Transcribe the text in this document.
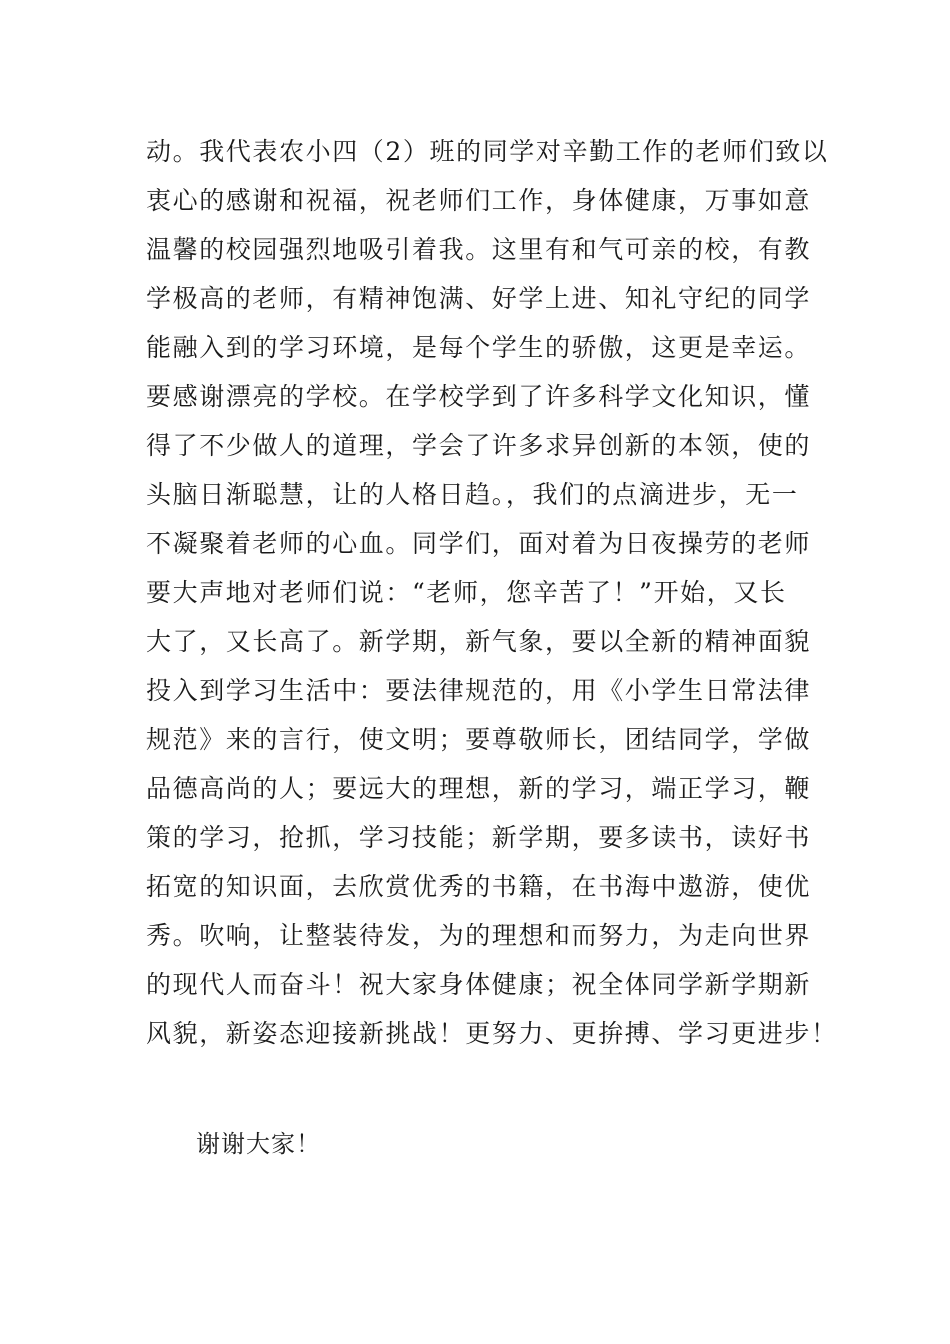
动。我代表农小四（2）班的同学对辛勤工作的老师们致以
衷心的感谢和祝福，祝老师们工作，身体健康，万事如意
温馨的校园强烈地吸引着我。这里有和气可亲的校，有教
学极高的老师，有精神饱满、好学上进、知礼守纪的同学
能融入到的学习环境，是每个学生的骄傲，这更是幸运。
要感谢漂亮的学校。在学校学到了许多科学文化知识，懂
得了不少做人的道理，学会了许多求异创新的本领，使的
头脑日渐聪慧，让的人格日趋。，我们的点滴进步，无一
不凝聚着老师的心血。同学们，面对着为日夜操劳的老师
要大声地对老师们说：“老师，您辛苦了！”开始，又长
大了，又长高了。新学期，新气象，要以全新的精神面貌
投入到学习生活中：要法律规范的，用《小学生日常法律
规范》来的言行，使文明；要尊敬师长，团结同学，学做
品德高尚的人；要远大的理想，新的学习，端正学习，鞭
策的学习，抢抓，学习技能；新学期，要多读书，读好书
拓宽的知识面，去欣赏优秀的书籍，在书海中遨游，使优
秀。吹响，让整装待发，为的理想和而努力，为走向世界
的现代人而奋斗！祝大家身体健康；祝全体同学新学期新
风貌，新姿态迎接新挑战！更努力、更拚搏、学习更进步！

谢谢大家！
